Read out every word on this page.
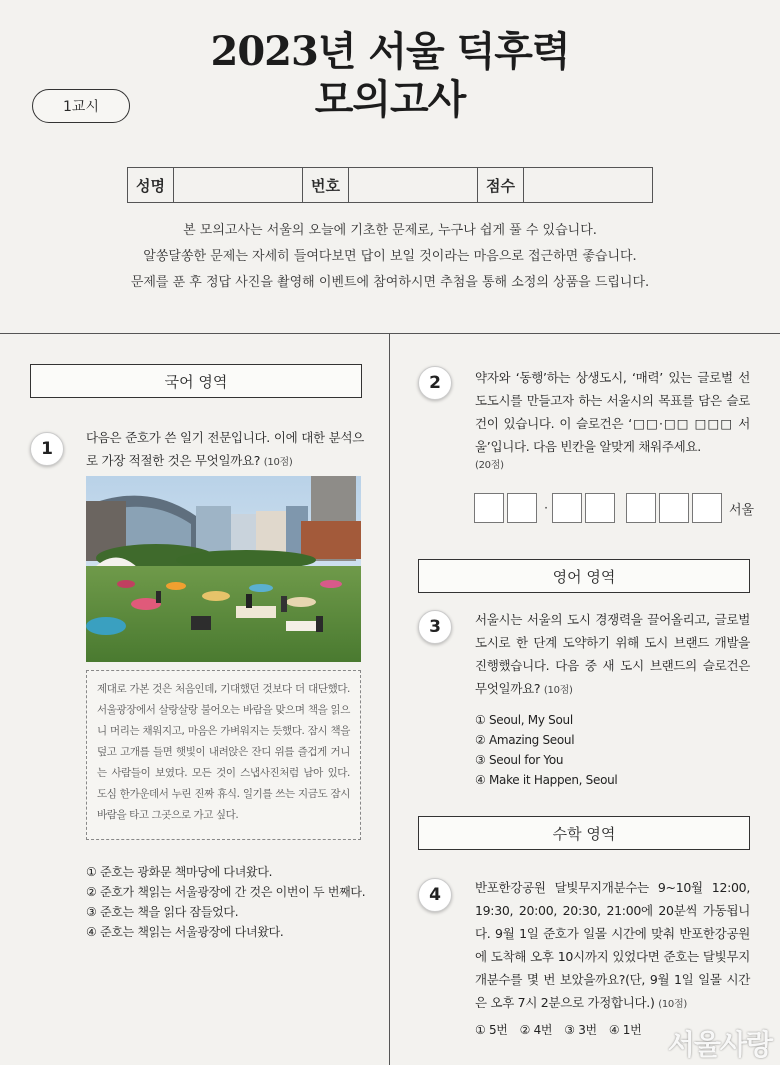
2023년 서울 덕후력
모의고사
1교시
성명	번호	점수
본 모의고사는 서울의 오늘에 기초한 문제로, 누구나 쉽게 풀 수 있습니다.
알쏭달쏭한 문제는 자세히 들여다보면 답이 보일 것이라는 마음으로 접근하면 좋습니다.
문제를 푼 후 정답 사진을 촬영해 이벤트에 참여하시면 추첨을 통해 소정의 상품을 드립니다.
국어 영역
1
다음은 준호가 쓴 일기 전문입니다. 이에 대한 분석으로 가장 적절한 것은 무엇일까요? (10점)
제대로 가본 것은 처음인데, 기대했던 것보다 더 대단했다. 서울광장에서 살랑살랑 불어오는 바람을 맞으며 책을 읽으니 머리는 채워지고, 마음은 가벼워지는 듯했다. 잠시 책을 덮고 고개를 들면 햇빛이 내려앉은 잔디 위를 즐겁게 거니는 사람들이 보였다. 모든 것이 스냅사진처럼 남아 있다. 도심 한가운데서 누린 진짜 휴식. 일기를 쓰는 지금도 잠시 바람을 타고 그곳으로 가고 싶다.
① 준호는 광화문 책마당에 다녀왔다.
② 준호가 책읽는 서울광장에 간 것은 이번이 두 번째다.
③ 준호는 책을 읽다 잠들었다.
④ 준호는 책읽는 서울광장에 다녀왔다.
2	약자와 ‘동행’하는 상생도시, ‘매력’ 있는 글로벌 선도도시를 만들고자 하는 서울시의 목표를 담은 슬로건이 있습니다. 이 슬로건은 ‘□□·□□ □□□ 서울’입니다. 다음 빈칸을 알맞게 채워주세요.
(20점)
·	서울
영어 영역
3	서울시는 서울의 도시 경쟁력을 끌어올리고, 글로벌 도시로 한 단계 도약하기 위해 도시 브랜드 개발을 진행했습니다. 다음 중 새 도시 브랜드의 슬로건은 무엇일까요? (10점)
① Seoul, My Soul
② Amazing Seoul
③ Seoul for You
④ Make it Happen, Seoul
수학 영역
4	반포한강공원 달빛무지개분수는 9~10월 12:00, 19:30, 20:00, 20:30, 21:00에 20분씩 가동됩니다. 9월 1일 준호가 일몰 시간에 맞춰 반포한강공원에 도착해 오후 10시까지 있었다면 준호는 달빛무지개분수를 몇 번 보았을까요?(단, 9월 1일 일몰 시간은 오후 7시 2분으로 가정합니다.) (10점)
① 5번 ② 4번 ③ 3번 ④ 1번 서울사랑
